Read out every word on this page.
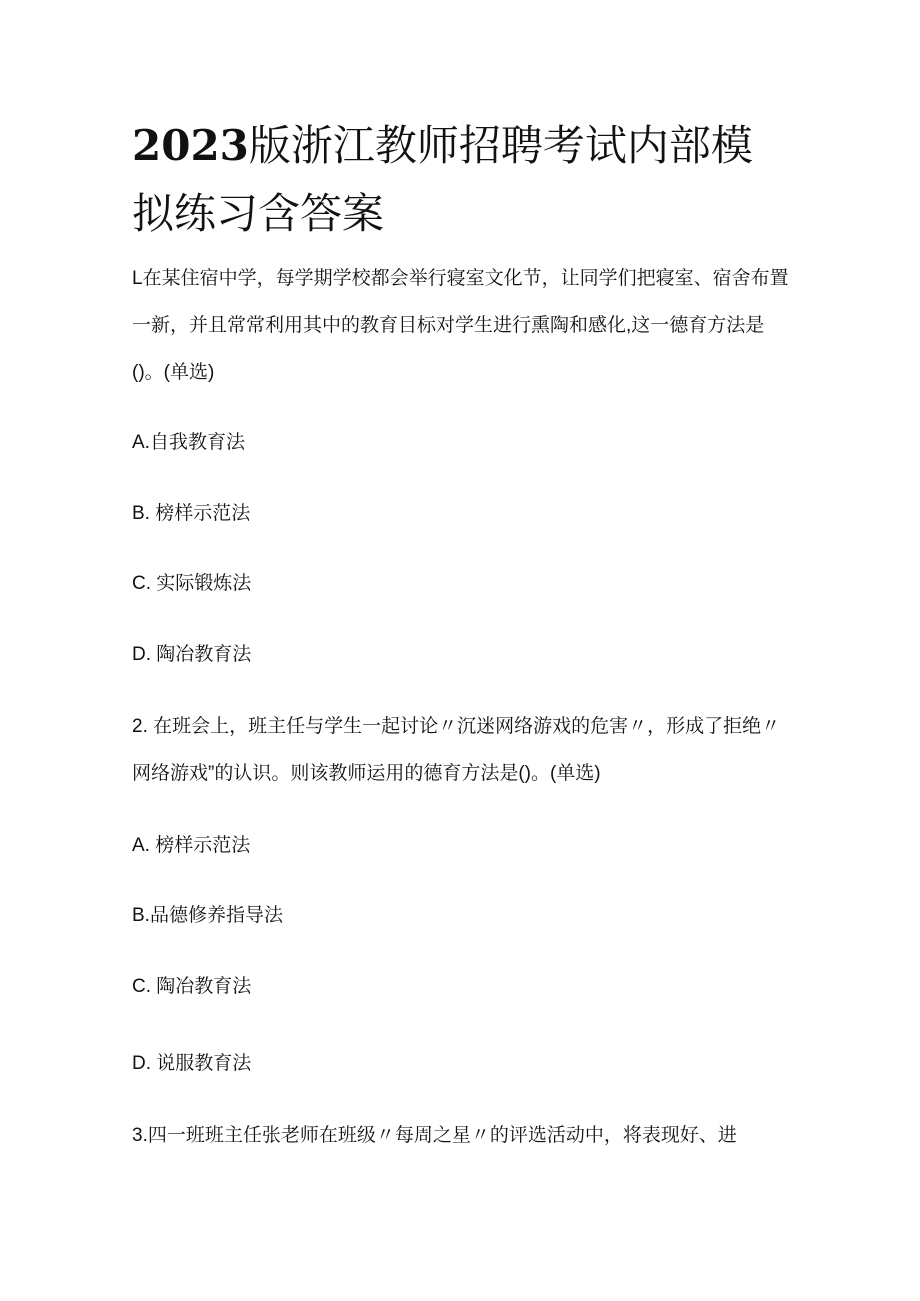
2023版浙江教师招聘考试内部模拟练习含答案

L在某住宿中学，每学期学校都会举行寝室文化节，让同学们把寝室、宿舍布置一新，并且常常利用其中的教育目标对学生进行熏陶和感化,这一德育方法是()。(单选)

A.自我教育法

B. 榜样示范法

C. 实际锻炼法

D. 陶冶教育法

2. 在班会上，班主任与学生一起讨论〃沉迷网络游戏的危害〃，形成了拒绝〃网络游戏”的认识。则该教师运用的德育方法是()。(单选)

A. 榜样示范法

B.品德修养指导法

C. 陶冶教育法

D. 说服教育法

3.四一班班主任张老师在班级〃每周之星〃的评选活动中，将表现好、进
